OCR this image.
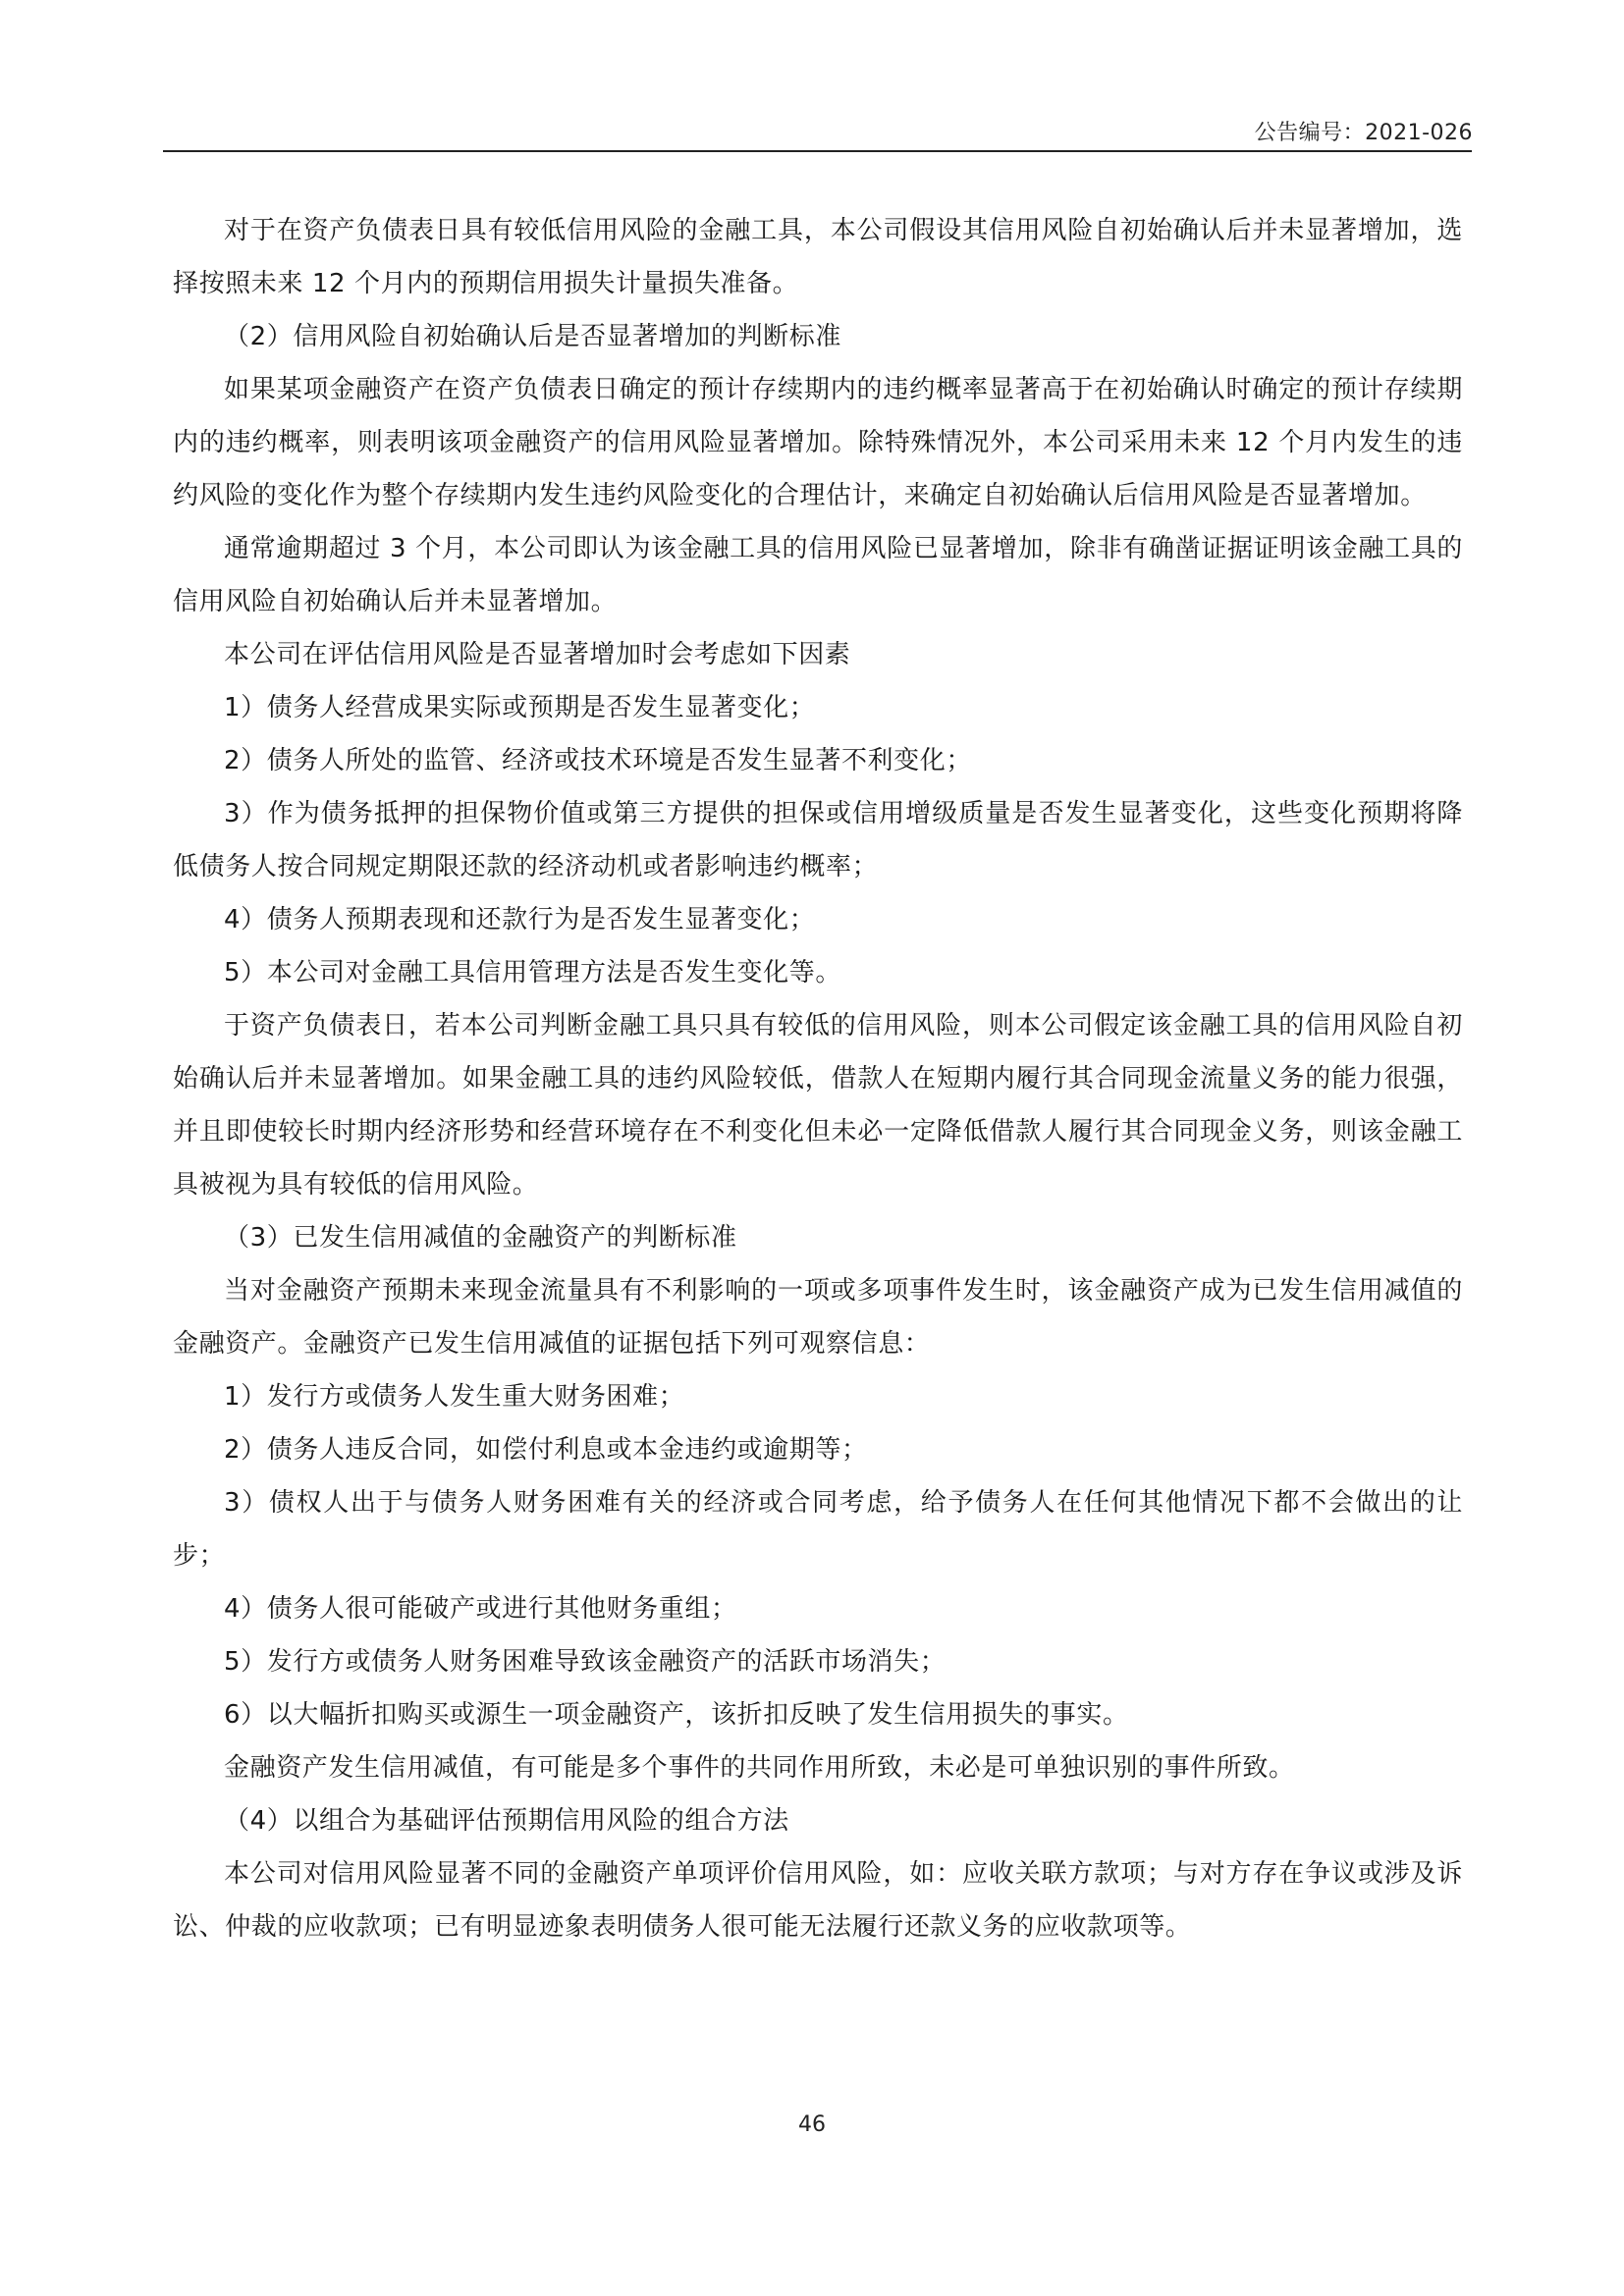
公告编号：2021-026

对于在资产负债表日具有较低信用风险的金融工具，本公司假设其信用风险自初始确认后并未显著增加，选择按照未来 12 个月内的预期信用损失计量损失准备。

（2）信用风险自初始确认后是否显著增加的判断标准

如果某项金融资产在资产负债表日确定的预计存续期内的违约概率显著高于在初始确认时确定的预计存续期内的违约概率，则表明该项金融资产的信用风险显著增加。除特殊情况外，本公司采用未来 12 个月内发生的违约风险的变化作为整个存续期内发生违约风险变化的合理估计，来确定自初始确认后信用风险是否显著增加。

通常逾期超过 3 个月，本公司即认为该金融工具的信用风险已显著增加，除非有确凿证据证明该金融工具的信用风险自初始确认后并未显著增加。

本公司在评估信用风险是否显著增加时会考虑如下因素

1）债务人经营成果实际或预期是否发生显著变化；

2）债务人所处的监管、经济或技术环境是否发生显著不利变化；

3）作为债务抵押的担保物价值或第三方提供的担保或信用增级质量是否发生显著变化，这些变化预期将降低债务人按合同规定期限还款的经济动机或者影响违约概率；

4）债务人预期表现和还款行为是否发生显著变化；

5）本公司对金融工具信用管理方法是否发生变化等。

于资产负债表日，若本公司判断金融工具只具有较低的信用风险，则本公司假定该金融工具的信用风险自初始确认后并未显著增加。如果金融工具的违约风险较低，借款人在短期内履行其合同现金流量义务的能力很强，并且即使较长时期内经济形势和经营环境存在不利变化但未必一定降低借款人履行其合同现金义务，则该金融工具被视为具有较低的信用风险。

（3）已发生信用减值的金融资产的判断标准

当对金融资产预期未来现金流量具有不利影响的一项或多项事件发生时，该金融资产成为已发生信用减值的金融资产。金融资产已发生信用减值的证据包括下列可观察信息：

1）发行方或债务人发生重大财务困难；

2）债务人违反合同，如偿付利息或本金违约或逾期等；

3）债权人出于与债务人财务困难有关的经济或合同考虑，给予债务人在任何其他情况下都不会做出的让步；

4）债务人很可能破产或进行其他财务重组；

5）发行方或债务人财务困难导致该金融资产的活跃市场消失；

6）以大幅折扣购买或源生一项金融资产，该折扣反映了发生信用损失的事实。

金融资产发生信用减值，有可能是多个事件的共同作用所致，未必是可单独识别的事件所致。

（4）以组合为基础评估预期信用风险的组合方法

本公司对信用风险显著不同的金融资产单项评价信用风险，如：应收关联方款项；与对方存在争议或涉及诉讼、仲裁的应收款项；已有明显迹象表明债务人很可能无法履行还款义务的应收款项等。

46
